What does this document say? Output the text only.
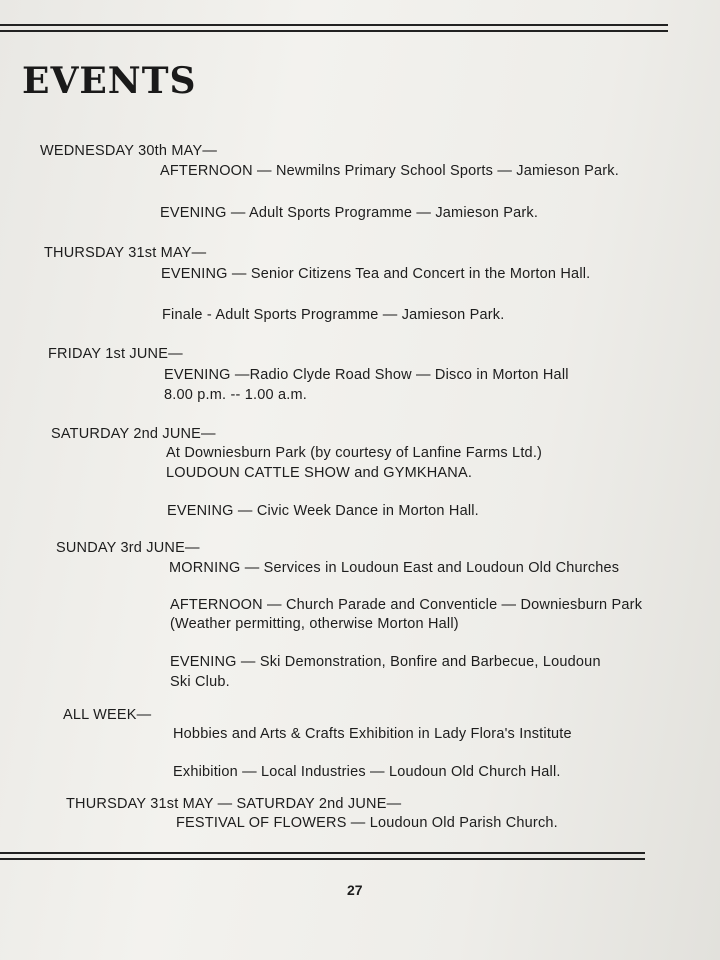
EVENTS
WEDNESDAY 30th MAY—
AFTERNOON — Newmilns Primary School Sports — Jamieson Park.
EVENING — Adult Sports Programme — Jamieson Park.
THURSDAY 31st MAY—
EVENING — Senior Citizens Tea and Concert in the Morton Hall.
Finale - Adult Sports Programme — Jamieson Park.
FRIDAY 1st JUNE—
EVENING —Radio Clyde Road Show — Disco in Morton Hall
8.00 p.m. -- 1.00 a.m.
SATURDAY 2nd JUNE—
At Downiesburn Park (by courtesy of Lanfine Farms Ltd.)
LOUDOUN CATTLE SHOW and GYMKHANA.
EVENING — Civic Week Dance in Morton Hall.
SUNDAY 3rd JUNE—
MORNING — Services in Loudoun East and Loudoun Old Churches
AFTERNOON — Church Parade and Conventicle — Downiesburn Park
(Weather permitting, otherwise Morton Hall)
EVENING — Ski Demonstration, Bonfire and Barbecue, Loudoun
Ski Club.
ALL WEEK—
Hobbies and Arts & Crafts Exhibition in Lady Flora's Institute
Exhibition — Local Industries — Loudoun Old Church Hall.
THURSDAY 31st MAY — SATURDAY 2nd JUNE—
FESTIVAL OF FLOWERS — Loudoun Old Parish Church.
27
